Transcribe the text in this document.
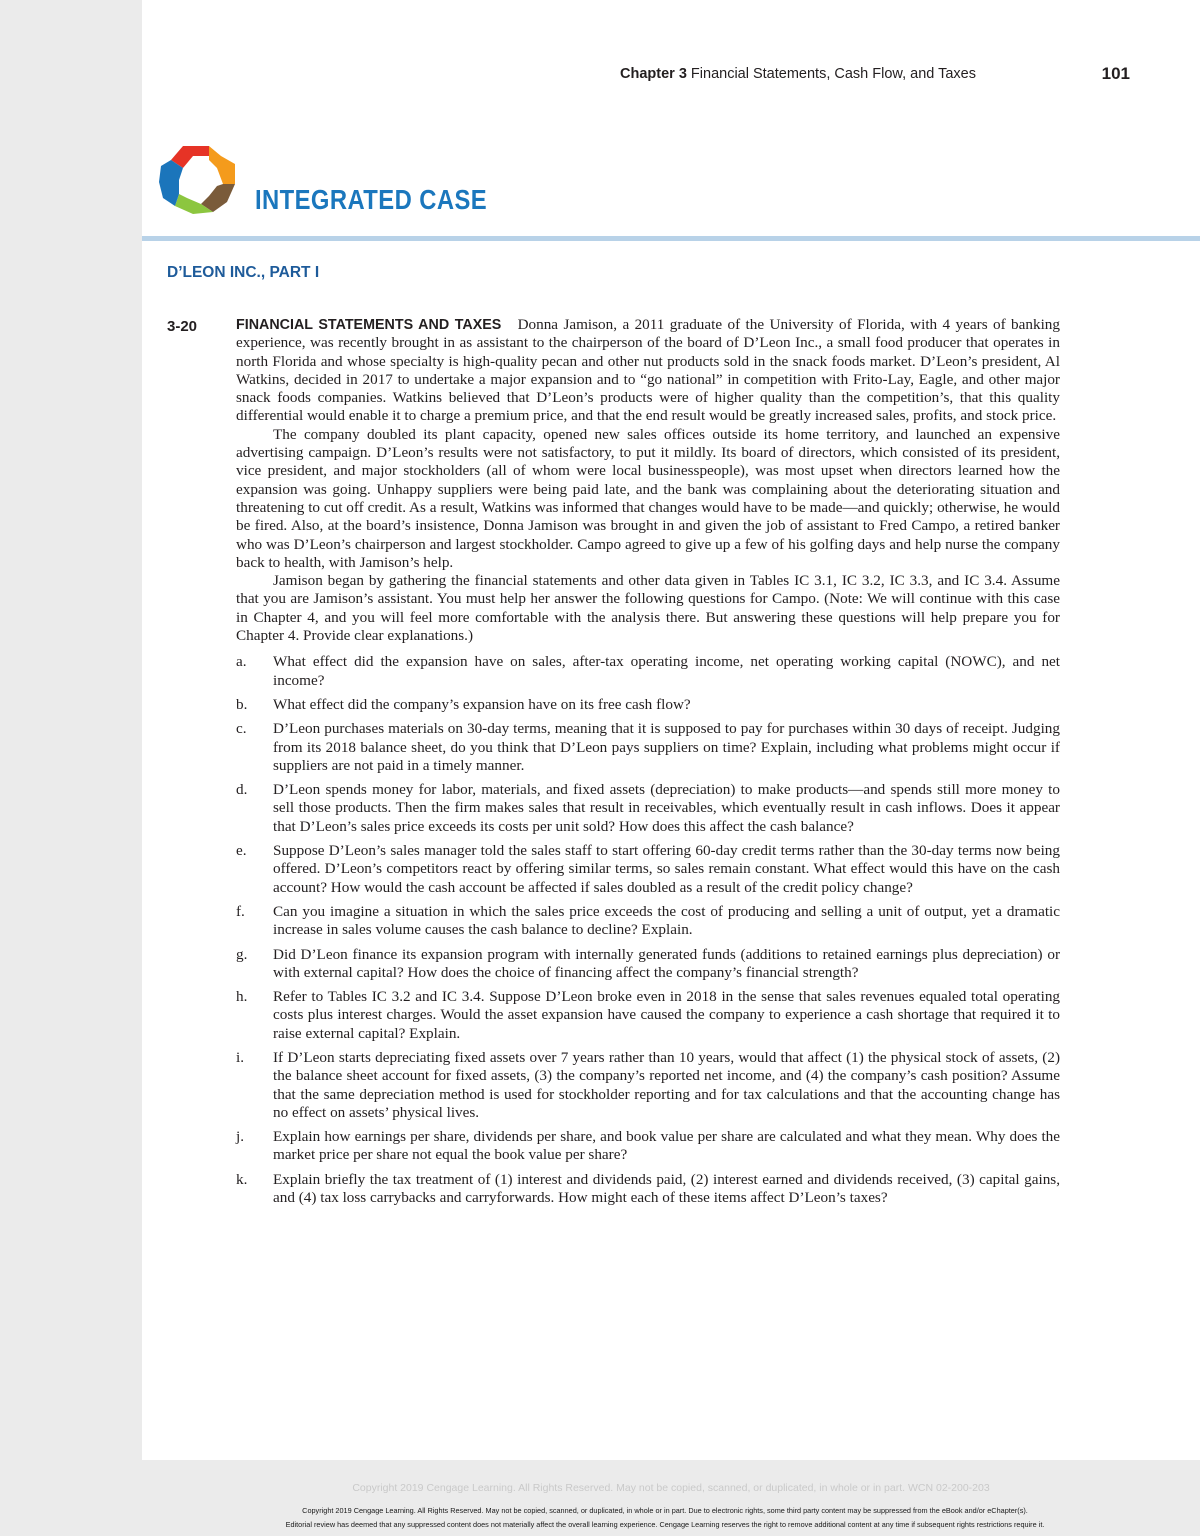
Chapter 3 Financial Statements, Cash Flow, and Taxes	101
INTEGRATED CASE
D’LEON INC., PART I
3-20	FINANCIAL STATEMENTS AND TAXES Donna Jamison, a 2011 graduate of the University of Florida, with 4 years of banking experience, was recently brought in as assistant to the chairperson of the board of D’Leon Inc., a small food producer that operates in north Florida and whose specialty is high-quality pecan and other nut products sold in the snack foods market. D’Leon’s president, Al Watkins, decided in 2017 to undertake a major expansion and to “go national” in competition with Frito-Lay, Eagle, and other major snack foods companies. Watkins believed that D’Leon’s products were of higher quality than the competition’s, that this quality differential would enable it to charge a premium price, and that the end result would be greatly increased sales, profits, and stock price.

The company doubled its plant capacity, opened new sales offices outside its home territory, and launched an expensive advertising campaign. D’Leon’s results were not satisfactory, to put it mildly. Its board of directors, which consisted of its president, vice president, and major stockholders (all of whom were local businesspeople), was most upset when directors learned how the expansion was going. Unhappy suppliers were being paid late, and the bank was complaining about the deteriorating situation and threatening to cut off credit. As a result, Watkins was informed that changes would have to be made—and quickly; otherwise, he would be fired. Also, at the board’s insistence, Donna Jamison was brought in and given the job of assistant to Fred Campo, a retired banker who was D’Leon’s chairperson and largest stockholder. Campo agreed to give up a few of his golfing days and help nurse the company back to health, with Jamison’s help.

Jamison began by gathering the financial statements and other data given in Tables IC 3.1, IC 3.2, IC 3.3, and IC 3.4. Assume that you are Jamison’s assistant. You must help her answer the following questions for Campo. (Note: We will continue with this case in Chapter 4, and you will feel more comfortable with the analysis there. But answering these questions will help prepare you for Chapter 4. Provide clear explanations.)

a. What effect did the expansion have on sales, after-tax operating income, net operating working capital (NOWC), and net income?
b. What effect did the company’s expansion have on its free cash flow?
c. D’Leon purchases materials on 30-day terms, meaning that it is supposed to pay for purchases within 30 days of receipt. Judging from its 2018 balance sheet, do you think that D’Leon pays suppliers on time? Explain, including what problems might occur if suppliers are not paid in a timely manner.
d. D’Leon spends money for labor, materials, and fixed assets (depreciation) to make products—and spends still more money to sell those products. Then the firm makes sales that result in receivables, which eventually result in cash inflows. Does it appear that D’Leon’s sales price exceeds its costs per unit sold? How does this affect the cash balance?
e. Suppose D’Leon’s sales manager told the sales staff to start offering 60-day credit terms rather than the 30-day terms now being offered. D’Leon’s competitors react by offering similar terms, so sales remain constant. What effect would this have on the cash account? How would the cash account be affected if sales doubled as a result of the credit policy change?
f. Can you imagine a situation in which the sales price exceeds the cost of producing and selling a unit of output, yet a dramatic increase in sales volume causes the cash balance to decline? Explain.
g. Did D’Leon finance its expansion program with internally generated funds (additions to retained earnings plus depreciation) or with external capital? How does the choice of financing affect the company’s financial strength?
h. Refer to Tables IC 3.2 and IC 3.4. Suppose D’Leon broke even in 2018 in the sense that sales revenues equaled total operating costs plus interest charges. Would the asset expansion have caused the company to experience a cash shortage that required it to raise external capital? Explain.
i. If D’Leon starts depreciating fixed assets over 7 years rather than 10 years, would that affect (1) the physical stock of assets, (2) the balance sheet account for fixed assets, (3) the company’s reported net income, and (4) the company’s cash position? Assume that the same depreciation method is used for stockholder reporting and for tax calculations and that the accounting change has no effect on assets’ physical lives.
j. Explain how earnings per share, dividends per share, and book value per share are calculated and what they mean. Why does the market price per share not equal the book value per share?
k. Explain briefly the tax treatment of (1) interest and dividends paid, (2) interest earned and dividends received, (3) capital gains, and (4) tax loss carrybacks and carryforwards. How might each of these items affect D’Leon’s taxes?
Copyright 2019 Cengage Learning. All Rights Reserved. May not be copied, scanned, or duplicated, in whole or in part. WCN 02-200-203
Copyright 2019 Cengage Learning. All Rights Reserved. May not be copied, scanned, or duplicated, in whole or in part. Due to electronic rights, some third party content may be suppressed from the eBook and/or eChapter(s).
Editorial review has deemed that any suppressed content does not materially affect the overall learning experience. Cengage Learning reserves the right to remove additional content at any time if subsequent rights restrictions require it.
